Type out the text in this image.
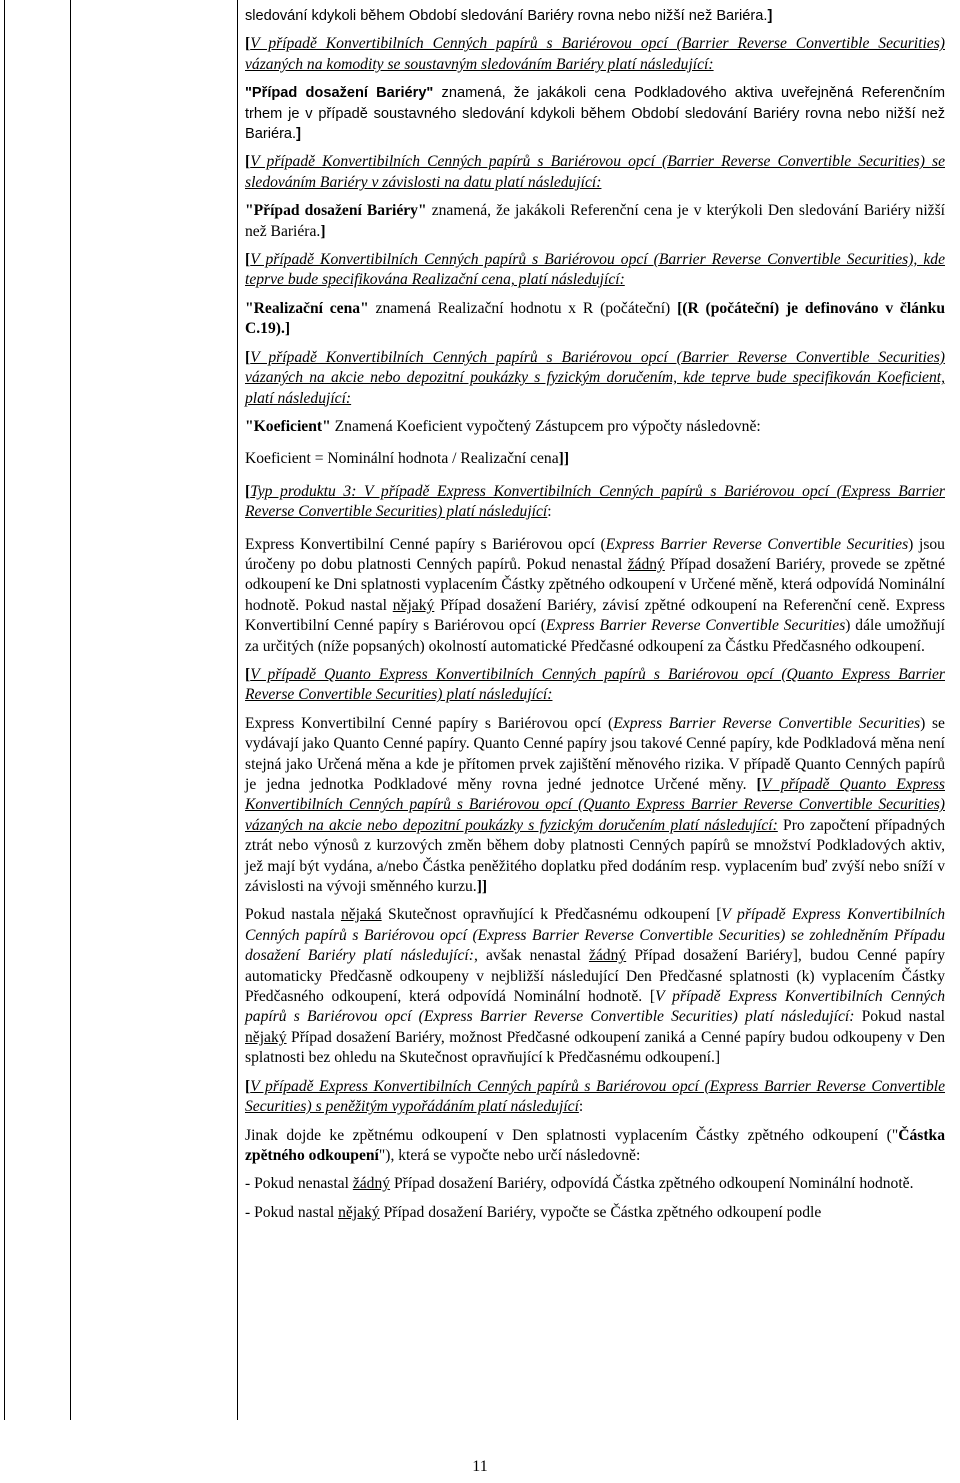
sledování kdykoli během Období sledování Bariéry rovna nebo nižší než Bariéra.]

[V případě Konvertibilních Cenných papírů s Bariérovou opcí (Barrier Reverse Convertible Securities) vázaných na komodity se soustavným sledováním Bariéry platí následující:

"Případ dosažení Bariéry" znamená, že jakákoli cena Podkladového aktiva uveřejněná Referenčním trhem je v případě soustavného sledování kdykoli během Období sledování Bariéry rovna nebo nižší než Bariéra.]

[V případě Konvertibilních Cenných papírů s Bariérovou opcí (Barrier Reverse Convertible Securities) se sledováním Bariéry v závislosti na datu platí následující:

"Případ dosažení Bariéry" znamená, že jakákoli Referenční cena je v kterýkoli Den sledování Bariéry nižší než Bariéra.]

[V případě Konvertibilních Cenných papírů s Bariérovou opcí (Barrier Reverse Convertible Securities), kde teprve bude specifikována Realizační cena, platí následující:

"Realizační cena" znamená Realizační hodnotu x R (počáteční) [(R (počáteční) je definováno v článku C.19).]

[V případě Konvertibilních Cenných papírů s Bariérovou opcí (Barrier Reverse Convertible Securities) vázaných na akcie nebo depozitní poukázky s fyzickým doručením, kde teprve bude specifikován Koeficient, platí následující:

"Koeficient" Znamená Koeficient vypočtený Zástupcem pro výpočty následovně:

Koeficient = Nominální hodnota / Realizační cena]]

[Typ produktu 3: V případě Express Konvertibilních Cenných papírů s Bariérovou opcí (Express Barrier Reverse Convertible Securities) platí následující:

Express Konvertibilní Cenné papíry s Bariérovou opcí (Express Barrier Reverse Convertible Securities) jsou úročeny po dobu platnosti Cenných papírů. Pokud nenastal žádný Případ dosažení Bariéry, provede se zpětné odkoupení ke Dni splatnosti vyplacením Částky zpětného odkoupení v Určené měně, která odpovídá Nominální hodnotě. Pokud nastal nějaký Případ dosažení Bariéry, závisí zpětné odkoupení na Referenční ceně. Express Konvertibilní Cenné papíry s Bariérovou opcí (Express Barrier Reverse Convertible Securities) dále umožňují za určitých (níže popsaných) okolností automatické Předčasné odkoupení za Částku Předčasného odkoupení.

[V případě Quanto Express Konvertibilních Cenných papírů s Bariérovou opcí (Quanto Express Barrier Reverse Convertible Securities) platí následující:

Express Konvertibilní Cenné papíry s Bariérovou opcí (Express Barrier Reverse Convertible Securities) se vydávají jako Quanto Cenné papíry. Quanto Cenné papíry jsou takové Cenné papíry, kde Podkladová měna není stejná jako Určená měna a kde je přítomen prvek zajištění měnového rizika. V případě Quanto Cenných papírů je jedna jednotka Podkladové měny rovna jedné jednotce Určené měny. [V případě Quanto Express Konvertibilních Cenných papírů s Bariérovou opcí (Quanto Express Barrier Reverse Convertible Securities) vázaných na akcie nebo depozitní poukázky s fyzickým doručením platí následující: Pro započtení případných ztrát nebo výnosů z kurzových změn během doby platnosti Cenných papírů se množství Podkladových aktiv, jež mají být vydána, a/nebo Částka peněžitého doplatku před dodáním resp. vyplacením buď zvýší nebo sníží v závislosti na vývoji směnného kurzu.]]

Pokud nastala nějaká Skutečnost opravňující k Předčasnému odkoupení [V případě Express Konvertibilních Cenných papírů s Bariérovou opcí (Express Barrier Reverse Convertible Securities) se zohledněním Případu dosažení Bariéry platí následující:, avšak nenastal žádný Případ dosažení Bariéry], budou Cenné papíry automaticky Předčasně odkoupeny v nejbližší následující Den Předčasné splatnosti (k) vyplacením Částky Předčasného odkoupení, která odpovídá Nominální hodnotě. [V případě Express Konvertibilních Cenných papírů s Bariérovou opcí (Express Barrier Reverse Convertible Securities) platí následující: Pokud nastal nějaký Případ dosažení Bariéry, možnost Předčasné odkoupení zaniká a Cenné papíry budou odkoupeny v Den splatnosti bez ohledu na Skutečnost opravňující k Předčasnému odkoupení.]

[V případě Express Konvertibilních Cenných papírů s Bariérovou opcí (Express Barrier Reverse Convertible Securities) s peněžitým vypořádáním platí následující:

Jinak dojde ke zpětnému odkoupení v Den splatnosti vyplacením Částky zpětného odkoupení ("Částka zpětného odkoupení"), která se vypočte nebo určí následovně:

- Pokud nenastal žádný Případ dosažení Bariéry, odpovídá Částka zpětného odkoupení Nominální hodnotě.

- Pokud nastal nějaký Případ dosažení Bariéry, vypočte se Částka zpětného odkoupení podle

11
